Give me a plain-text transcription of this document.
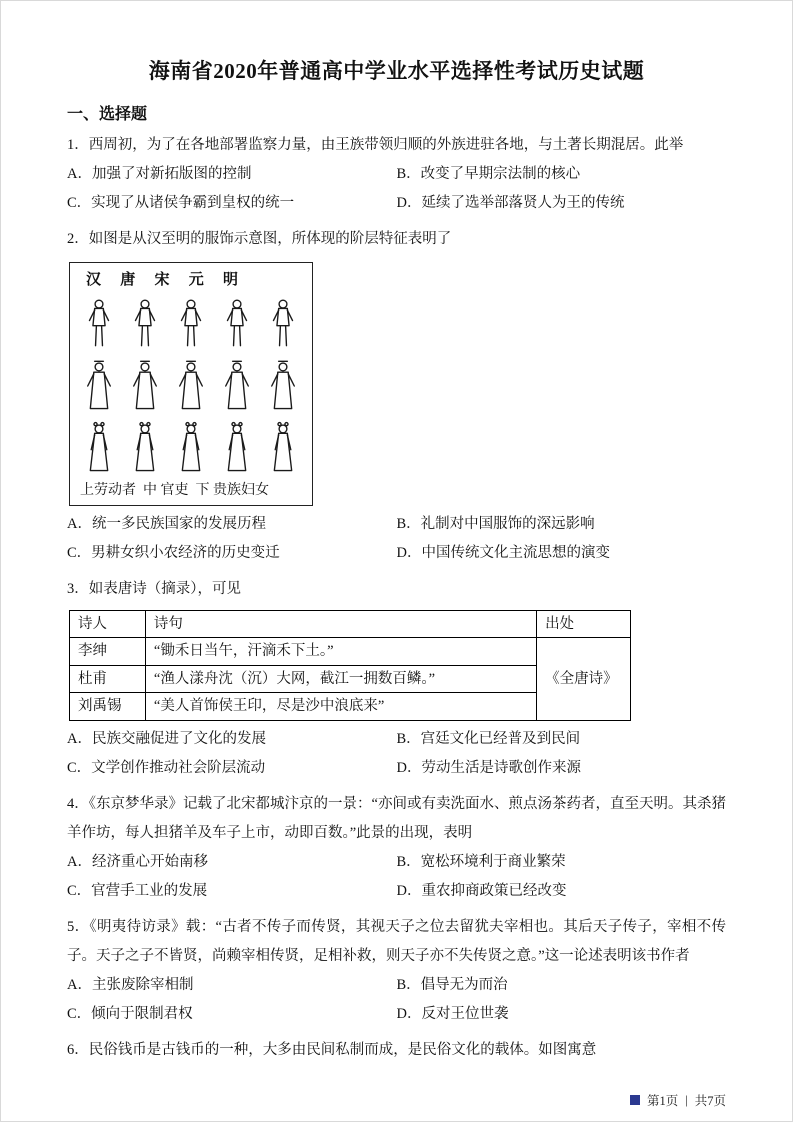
海南省2020年普通高中学业水平选择性考试历史试题
一、选择题

1．西周初，为了在各地部署监察力量，由王族带领归顺的外族进驻各地，与土著长期混居。此举

A．加强了对新拓版图的控制	B．改变了早期宗法制的核心
C．实现了从诸侯争霸到皇权的统一	D．延续了选举部落贤人为王的传统

2．如图是从汉至明的服饰示意图，所体现的阶层特征表明了

汉 唐 宋 元 明
上劳动者  中 官吏  下 贵族妇女
A．统一多民族国家的发展历程	B．礼制对中国服饰的深远影响
C．男耕女织小农经济的历史变迁	D．中国传统文化主流思想的演变

3．如表唐诗（摘录），可见

诗人	诗句	出处
李绅	“锄禾日当午，汗滴禾下土。”	《全唐诗》
杜甫	“渔人漾舟沈（沉）大网，截江一拥数百鳞。”	
刘禹锡	“美人首饰侯王印，尽是沙中浪底来”	
A．民族交融促进了文化的发展	B．宫廷文化已经普及到民间
C．文学创作推动社会阶层流动	D．劳动生活是诗歌创作来源

4．《东京梦华录》记载了北宋都城汴京的一景：“亦间或有卖洗面水、煎点汤茶药者，直至天明。其杀猪羊作坊，每人担猪羊及车子上市，动即百数。”此景的出现，表明

A．经济重心开始南移	B．宽松环境利于商业繁荣
C．官营手工业的发展	D．重农抑商政策已经改变

5．《明夷待访录》载：“古者不传子而传贤，其视天子之位去留犹夫宰相也。其后天子传子，宰相不传子。天子之子不皆贤，尚赖宰相传贤，足相补救，则天子亦不失传贤之意。”这一论述表明该书作者

A．主张废除宰相制	B．倡导无为而治
C．倾向于限制君权	D．反对王位世袭

6．民俗钱币是古钱币的一种，大多由民间私制而成，是民俗文化的载体。如图寓意

第1页 | 共7页
